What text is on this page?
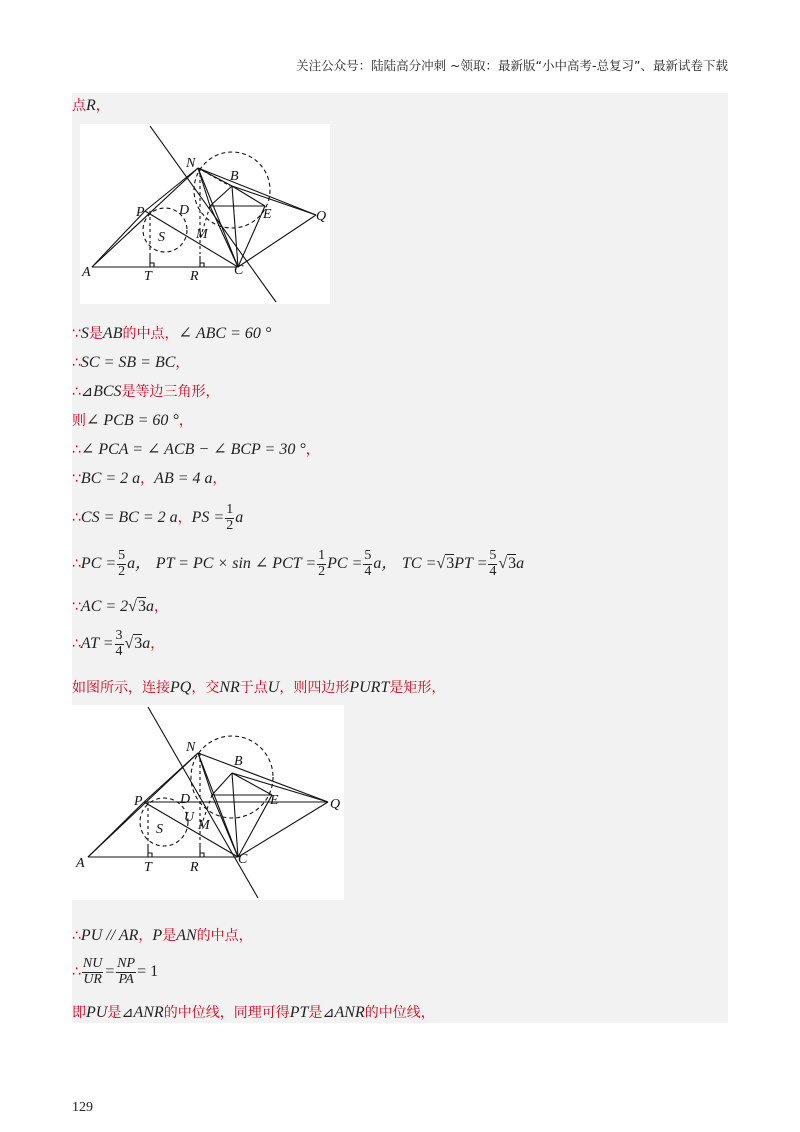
关注公众号：陆陆高分冲刺 ~领取：最新版“小中高考-总复习”、最新试卷下载
点R，
A	T	R	C
P
S
N
D
M
B
E	Q
∵S是AB的中点，∠ ABC = 60 °
∴SC = SB = BC，
∴⊿BCS是等边三角形，
则∠ PCB = 60 °，
∴∠ PCA = ∠ ACB − ∠ BCP = 30 °，
∵BC = 2 a，AB = 4 a，
∴CS = BC = 2 a，PS = $\frac{1}{2}$ a
∴PC = $\frac{5}{2}$ a， PT = PC × sin ∠ PCT = $\frac{1}{2}$ PC = $\frac{5}{4}$ a， TC $=√3PT = \frac{5}{4} √3a$
∵AC = 2√3a，
∴AT = $\frac{3}{4} √3a$，
如图所示，连接PQ，交NR于点U，则四边形PURT是矩形，
A	T	R
C
P
S
N
D
U
M
B
E	Q
∴PU // AR，P是AN的中点，
∴ $\frac{NU}{UR} = \frac{NP}{PA} = 1$
即PU是⊿ANR的中位线，同理可得PT是⊿ANR的中位线，
129
